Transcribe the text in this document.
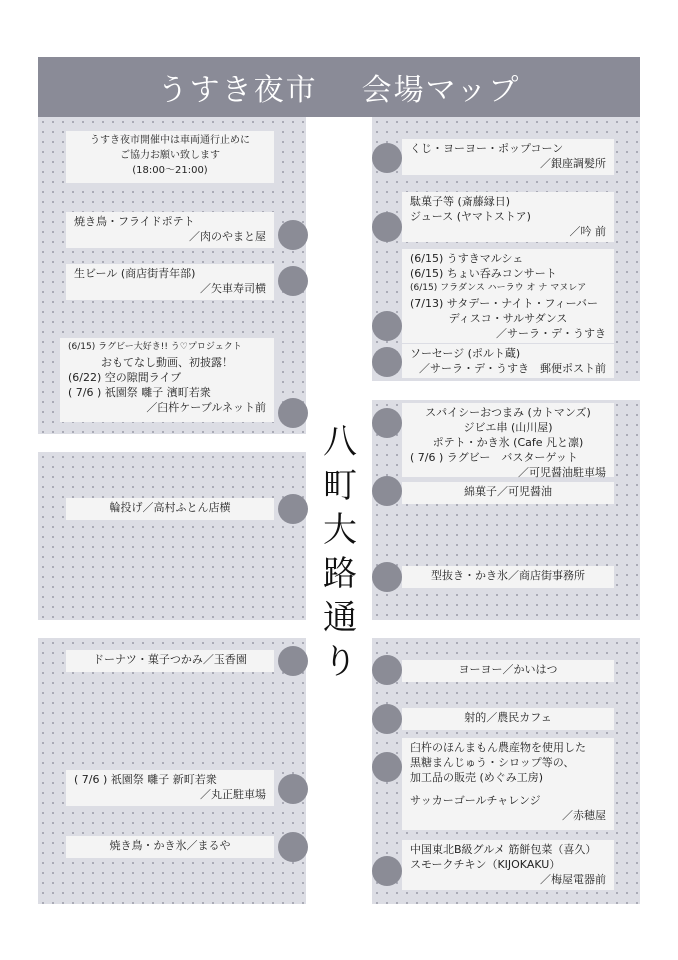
うすき夜市 会場マップ
うすき夜市開催中は車両通行止めに
ご協力お願い致します
(18:00〜21:00)
焼き鳥・フライドポテト
／肉のやまと屋
生ビール (商店街青年部)
／矢車寿司横
(6/15) ラグビー大好き!! う♡プロジェクト
おもてなし動画、初披露！
(6/22) 空の隙間ライブ
( 7/6 ) 祇園祭 囃子 濱町若衆
／臼杵ケーブルネット前
輪投げ／高村ふとん店横
ドーナツ・菓子つかみ／玉香園
( 7/6 ) 祇園祭 囃子 新町若衆
／丸正駐車場
焼き鳥・かき氷／まるや
八
町
大
路
通
り
くじ・ヨーヨー・ポップコーン
／銀座調髪所
駄菓子等 (斎藤縁日)
ジュース (ヤマトストア)
／吟 前
(6/15) うすきマルシェ
(6/15) ちょい呑みコンサート
(6/15) フラダンス ハーラウ オ ナ マヌレア
(7/13) サタデー・ナイト・フィーバー
ディスコ・サルサダンス
／サーラ・デ・うすき
ソーセージ (ポルト蔵)
／サーラ・デ・うすき　郵便ポスト前
スパイシーおつまみ (カトマンズ)
ジビエ串 (山川屋)
ポテト・かき氷 (Cafe 凡と凛)
( 7/6 ) ラグビー　バスターゲット
／可児醤油駐車場
綿菓子／可児醤油
型抜き・かき氷／商店街事務所
ヨーヨー／かいはつ
射的／農民カフェ
臼杵のほんまもん農産物を使用した
黒糖まんじゅう・シロップ等の、
加工品の販売 (めぐみ工房)
サッカーゴールチャレンジ
／赤穂屋
中国東北B級グルメ 筋餅包菜（喜久）
スモークチキン（KIJOKAKU）
／梅屋電器前
